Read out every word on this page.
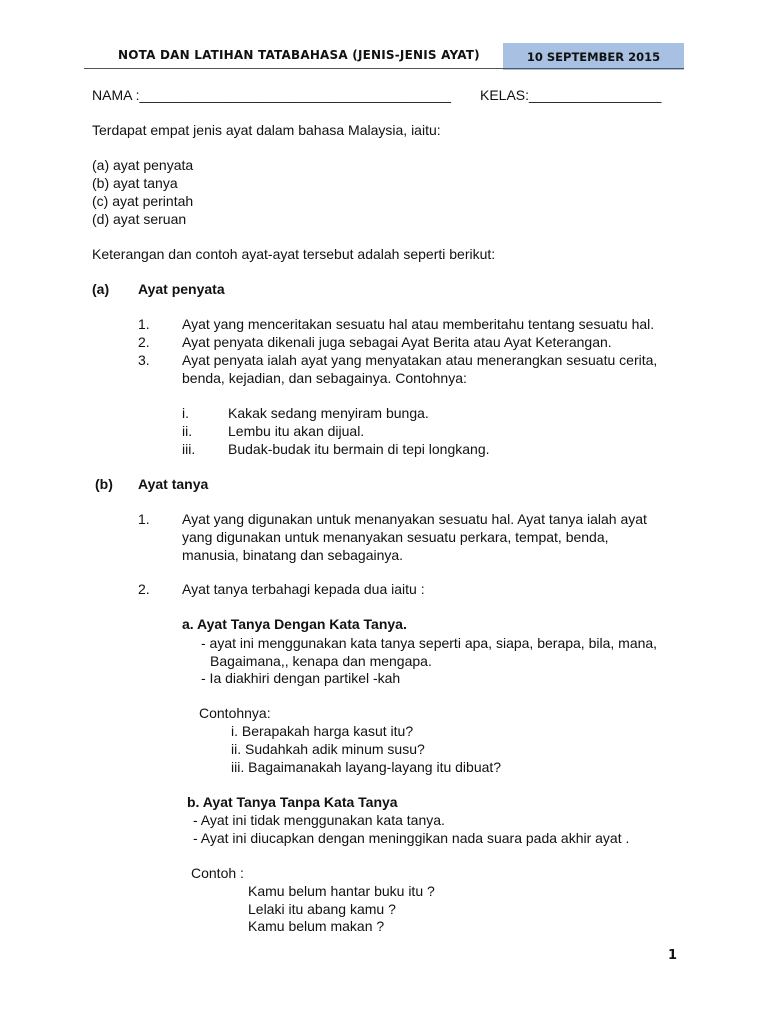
NOTA DAN LATIHAN TATABAHASA (JENIS-JENIS AYAT)	10 SEPTEMBER 2015
NAMA :________________________________________ KELAS:_________________
Terdapat empat jenis ayat dalam bahasa Malaysia, iaitu:
(a) ayat penyata
(b) ayat tanya
(c) ayat perintah
(d) ayat seruan
Keterangan dan contoh ayat-ayat tersebut adalah seperti berikut:
(a) Ayat penyata
1. Ayat yang menceritakan sesuatu hal atau memberitahu tentang sesuatu hal.
2. Ayat penyata dikenali juga sebagai Ayat Berita atau Ayat Keterangan.
3. Ayat penyata ialah ayat yang menyatakan atau menerangkan sesuatu cerita,
benda, kejadian, dan sebagainya. Contohnya:
i.	Kakak sedang menyiram bunga.
ii.	Lembu itu akan dijual.
iii. Budak-budak itu bermain di tepi longkang.
(b) Ayat tanya
1. Ayat yang digunakan untuk menanyakan sesuatu hal. Ayat tanya ialah ayat
yang digunakan untuk menanyakan sesuatu perkara, tempat, benda,
manusia, binatang dan sebagainya.
2. Ayat tanya terbahagi kepada dua iaitu :
a. Ayat Tanya Dengan Kata Tanya.
- ayat ini menggunakan kata tanya seperti apa, siapa, berapa, bila, mana,
Bagaimana,, kenapa dan mengapa.
- Ia diakhiri dengan partikel -kah
Contohnya:
i. Berapakah harga kasut itu?
ii. Sudahkah adik minum susu?
iii. Bagaimanakah layang-layang itu dibuat?
b. Ayat Tanya Tanpa Kata Tanya
- Ayat ini tidak menggunakan kata tanya.
- Ayat ini diucapkan dengan meninggikan nada suara pada akhir ayat .
Contoh :
Kamu belum hantar buku itu ?
Lelaki itu abang kamu ?
Kamu belum makan ?
1
